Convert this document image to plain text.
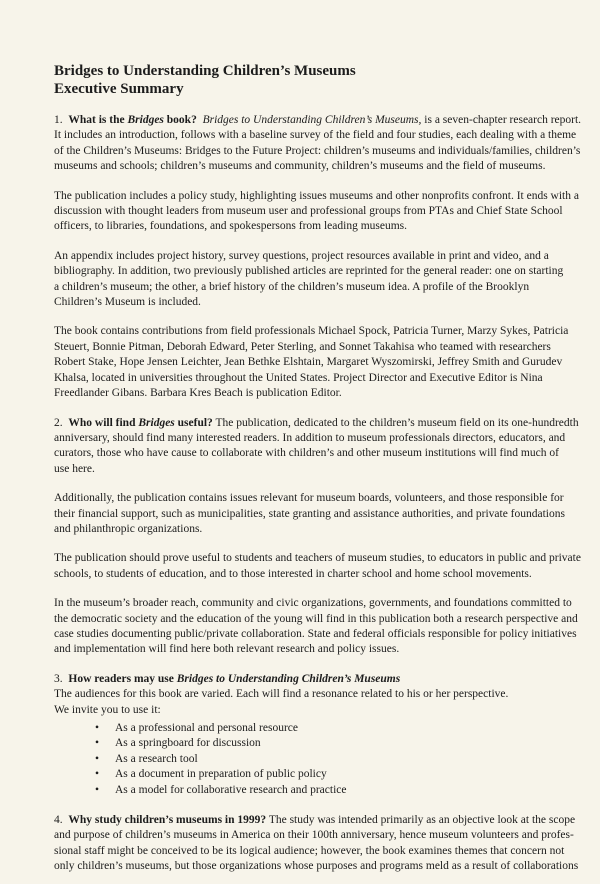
Bridges to Understanding Children’s Museums
Executive Summary

1. What is the Bridges book? Bridges to Understanding Children’s Museums, is a seven-chapter research report.
It includes an introduction, follows with a baseline survey of the field and four studies, each dealing with a theme
of the Children’s Museums: Bridges to the Future Project: children’s museums and individuals/families, children’s
museums and schools; children’s museums and community, children’s museums and the field of museums.

The publication includes a policy study, highlighting issues museums and other nonprofits confront. It ends with a
discussion with thought leaders from museum user and professional groups from PTAs and Chief State School
officers, to libraries, foundations, and spokespersons from leading museums.

An appendix includes project history, survey questions, project resources available in print and video, and a
bibliography. In addition, two previously published articles are reprinted for the general reader: one on starting
a children’s museum; the other, a brief history of the children’s museum idea. A profile of the Brooklyn
Children’s Museum is included.

The book contains contributions from field professionals Michael Spock, Patricia Turner, Marzy Sykes, Patricia
Steuert, Bonnie Pitman, Deborah Edward, Peter Sterling, and Sonnet Takahisa who teamed with researchers
Robert Stake, Hope Jensen Leichter, Jean Bethke Elshtain, Margaret Wyszomirski, Jeffrey Smith and Gurudev
Khalsa, located in universities throughout the United States. Project Director and Executive Editor is Nina
Freedlander Gibans. Barbara Kres Beach is publication Editor.

2. Who will find Bridges useful? The publication, dedicated to the children’s museum field on its one-hundredth
anniversary, should find many interested readers. In addition to museum professionals directors, educators, and
curators, those who have cause to collaborate with children’s and other museum institutions will find much of
use here.

Additionally, the publication contains issues relevant for museum boards, volunteers, and those responsible for
their financial support, such as municipalities, state granting and assistance authorities, and private foundations
and philanthropic organizations.

The publication should prove useful to students and teachers of museum studies, to educators in public and private
schools, to students of education, and to those interested in charter school and home school movements.

In the museum’s broader reach, community and civic organizations, governments, and foundations committed to
the democratic society and the education of the young will find in this publication both a research perspective and
case studies documenting public/private collaboration. State and federal officials responsible for policy initiatives
and implementation will find here both relevant research and policy issues.

3. How readers may use Bridges to Understanding Children’s Museums
The audiences for this book are varied. Each will find a resonance related to his or her perspective.
We invite you to use it:

• As a professional and personal resource
• As a springboard for discussion
• As a research tool
• As a document in preparation of public policy
• As a model for collaborative research and practice

4. Why study children’s museums in 1999? The study was intended primarily as an objective look at the scope
and purpose of children’s museums in America on their 100th anniversary, hence museum volunteers and profes-
sional staff might be conceived to be its logical audience; however, the book examines themes that concern not
only children’s museums, but those organizations whose purposes and programs meld as a result of collaborations
